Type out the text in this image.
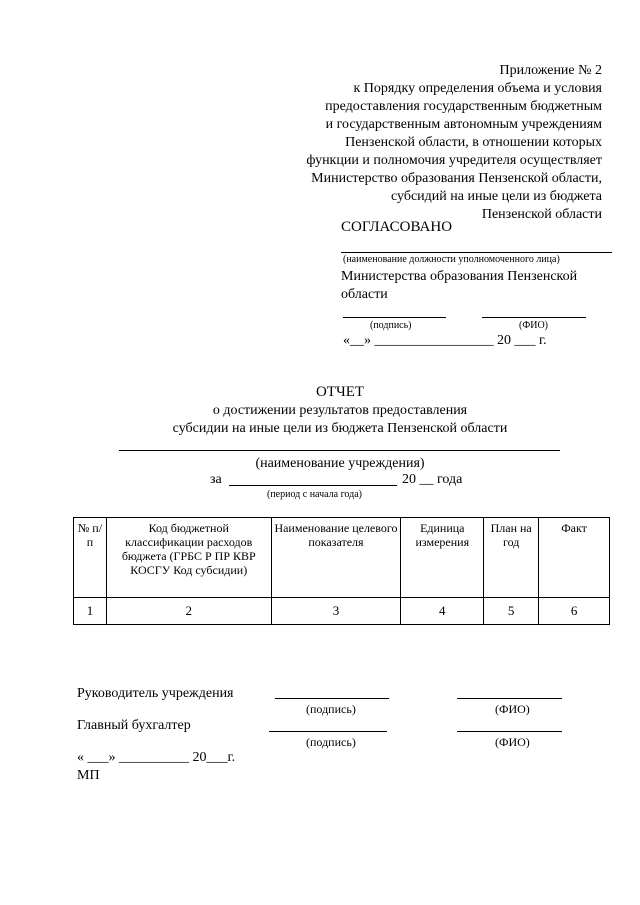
Приложение № 2
к Порядку определения объема и условия
предоставления государственным бюджетным
и государственным автономным учреждениям
Пензенской области, в отношении которых
функции и полномочия учредителя осуществляет
Министерство образования Пензенской области,
субсидий на иные цели из бюджета
Пензенской области
СОГЛАСОВАНО
(наименование должности уполномоченного лица)
Министерства образования Пензенской
области
(подпись)	(ФИО)
«__» _________________ 20 ___ г.
ОТЧЕТ
о достижении результатов предоставления
субсидии на иные цели из бюджета Пензенской области
(наименование учреждения)
за	20 __ года
(период с начала года)
№ п/п	Код бюджетной классификации расходов бюджета (ГРБС Р ПР КВР КОСГУ Код субсидии)	Наименование целевого показателя	Единица измерения	План на год	Факт
1	2	3	4	5	6
Руководитель учреждения
(подпись)	(ФИО)
Главный бухгалтер
(подпись)	(ФИО)
« ___» __________ 20___г.
МП
